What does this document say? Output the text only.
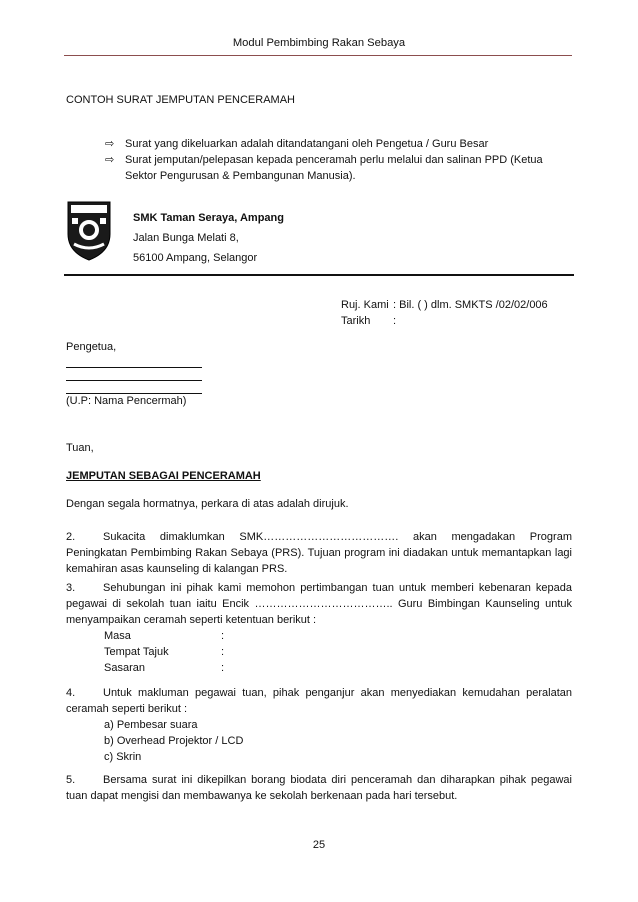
Modul Pembimbing Rakan Sebaya
CONTOH SURAT JEMPUTAN PENCERAMAH
⇨ Surat yang dikeluarkan adalah ditandatangani oleh Pengetua / Guru Besar
⇨ Surat jemputan/pelepasan kepada penceramah perlu melalui dan salinan PPD (Ketua Sektor Pengurusan & Pembangunan Manusia).
SMK Taman Seraya, Ampang
Jalan Bunga Melati 8,
56100 Ampang, Selangor
Ruj. Kami	: Bil. ( ) dlm. SMKTS /02/02/006
Tarikh	:
Pengetua,
(U.P: Nama Pencermah)
Tuan,
JEMPUTAN SEBAGAI PENCERAMAH
Dengan segala hormatnya, perkara di atas adalah dirujuk.
2.	Sukacita dimaklumkan SMK………………………………. akan mengadakan Program Peningkatan Pembimbing Rakan Sebaya (PRS). Tujuan program ini diadakan untuk memantapkan lagi kemahiran asas kaunseling di kalangan PRS.
3.	Sehubungan ini pihak kami memohon pertimbangan tuan untuk memberi kebenaran kepada pegawai di sekolah tuan iaitu Encik ……………………………….. Guru Bimbingan Kaunseling untuk menyampaikan ceramah seperti ketentuan berikut :
Masa	:
Tempat Tajuk	:
Sasaran	:
4.	Untuk makluman pegawai tuan, pihak penganjur akan menyediakan kemudahan peralatan ceramah seperti berikut :
a) Pembesar suara
b) Overhead Projektor / LCD
c) Skrin
5.	Bersama surat ini dikepilkan borang biodata diri penceramah dan diharapkan pihak pegawai tuan dapat mengisi dan membawanya ke sekolah berkenaan pada hari tersebut.
25
